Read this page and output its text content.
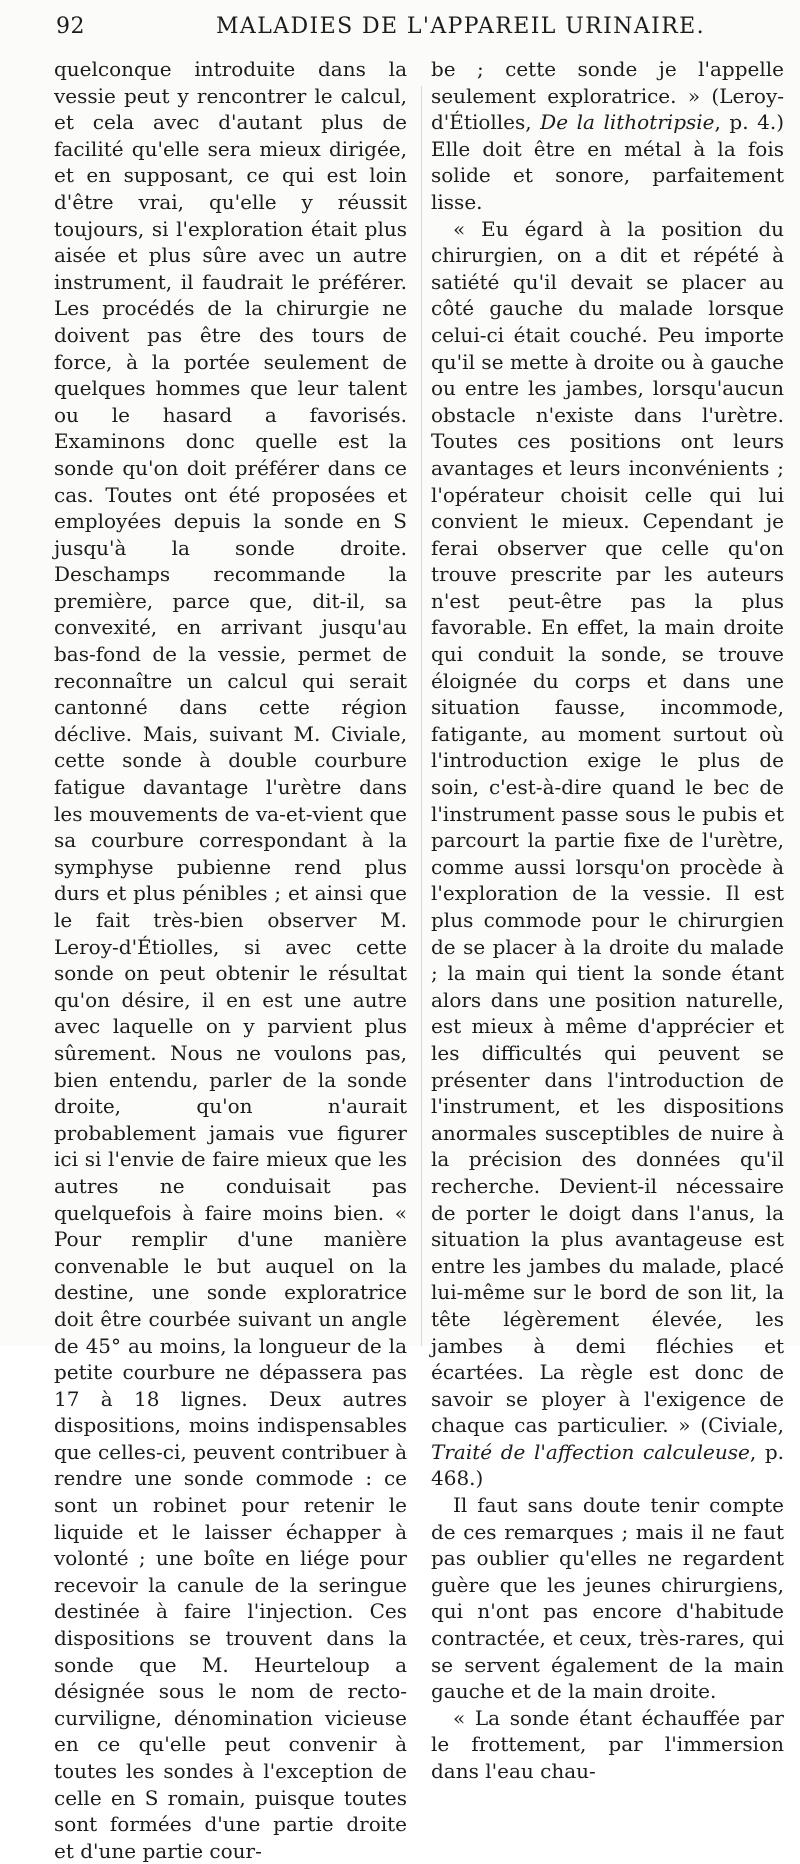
92	MALADIES DE L'APPAREIL URINAIRE.

quelconque introduite dans la vessie peut y rencontrer le calcul, et cela avec d'autant plus de facilité qu'elle sera mieux dirigée, et en supposant, ce qui est loin d'être vrai, qu'elle y réussit toujours, si l'exploration était plus aisée et plus sûre avec un autre instrument, il faudrait le préférer. Les procédés de la chirurgie ne doivent pas être des tours de force, à la portée seulement de quelques hommes que leur talent ou le hasard a favorisés. Examinons donc quelle est la sonde qu'on doit préférer dans ce cas. Toutes ont été proposées et employées depuis la sonde en S jusqu'à la sonde droite. Deschamps recommande la première, parce que, dit-il, sa convexité, en arrivant jusqu'au bas-fond de la vessie, permet de reconnaître un calcul qui serait cantonné dans cette région déclive. Mais, suivant M. Civiale, cette sonde à double courbure fatigue davantage l'urètre dans les mouvements de va-et-vient que sa courbure correspondant à la symphyse pubienne rend plus durs et plus pénibles ; et ainsi que le fait très-bien observer M. Leroy-d'Étiolles, si avec cette sonde on peut obtenir le résultat qu'on désire, il en est une autre avec laquelle on y parvient plus sûrement. Nous ne voulons pas, bien entendu, parler de la sonde droite, qu'on n'aurait probablement jamais vue figurer ici si l'envie de faire mieux que les autres ne conduisait pas quelquefois à faire moins bien. « Pour remplir d'une manière convenable le but auquel on la destine, une sonde exploratrice doit être courbée suivant un angle de 45° au moins, la longueur de la petite courbure ne dépassera pas 17 à 18 lignes. Deux autres dispositions, moins indispensables que celles-ci, peuvent contribuer à rendre une sonde commode : ce sont un robinet pour retenir le liquide et le laisser échapper à volonté ; une boîte en liége pour recevoir la canule de la seringue destinée à faire l'injection. Ces dispositions se trouvent dans la sonde que M. Heurteloup a désignée sous le nom de recto-curviligne, dénomination vicieuse en ce qu'elle peut convenir à toutes les sondes à l'exception de celle en S romain, puisque toutes sont formées d'une partie droite et d'une partie cour-

be ; cette sonde je l'appelle seulement exploratrice. » (Leroy-d'Étiolles, De la lithotripsie, p. 4.) Elle doit être en métal à la fois solide et sonore, parfaitement lisse.

« Eu égard à la position du chirurgien, on a dit et répété à satiété qu'il devait se placer au côté gauche du malade lorsque celui-ci était couché. Peu importe qu'il se mette à droite ou à gauche ou entre les jambes, lorsqu'aucun obstacle n'existe dans l'urètre. Toutes ces positions ont leurs avantages et leurs inconvénients ; l'opérateur choisit celle qui lui convient le mieux. Cependant je ferai observer que celle qu'on trouve prescrite par les auteurs n'est peut-être pas la plus favorable. En effet, la main droite qui conduit la sonde, se trouve éloignée du corps et dans une situation fausse, incommode, fatigante, au moment surtout où l'introduction exige le plus de soin, c'est-à-dire quand le bec de l'instrument passe sous le pubis et parcourt la partie fixe de l'urètre, comme aussi lorsqu'on procède à l'exploration de la vessie. Il est plus commode pour le chirurgien de se placer à la droite du malade ; la main qui tient la sonde étant alors dans une position naturelle, est mieux à même d'apprécier et les difficultés qui peuvent se présenter dans l'introduction de l'instrument, et les dispositions anormales susceptibles de nuire à la précision des données qu'il recherche. Devient-il nécessaire de porter le doigt dans l'anus, la situation la plus avantageuse est entre les jambes du malade, placé lui-même sur le bord de son lit, la tête légèrement élevée, les jambes à demi fléchies et écartées. La règle est donc de savoir se ployer à l'exigence de chaque cas particulier. » (Civiale, Traité de l'affection calculeuse, p. 468.)

Il faut sans doute tenir compte de ces remarques ; mais il ne faut pas oublier qu'elles ne regardent guère que les jeunes chirurgiens, qui n'ont pas encore d'habitude contractée, et ceux, très-rares, qui se servent également de la main gauche et de la main droite.

« La sonde étant échauffée par le frottement, par l'immersion dans l'eau chau-
